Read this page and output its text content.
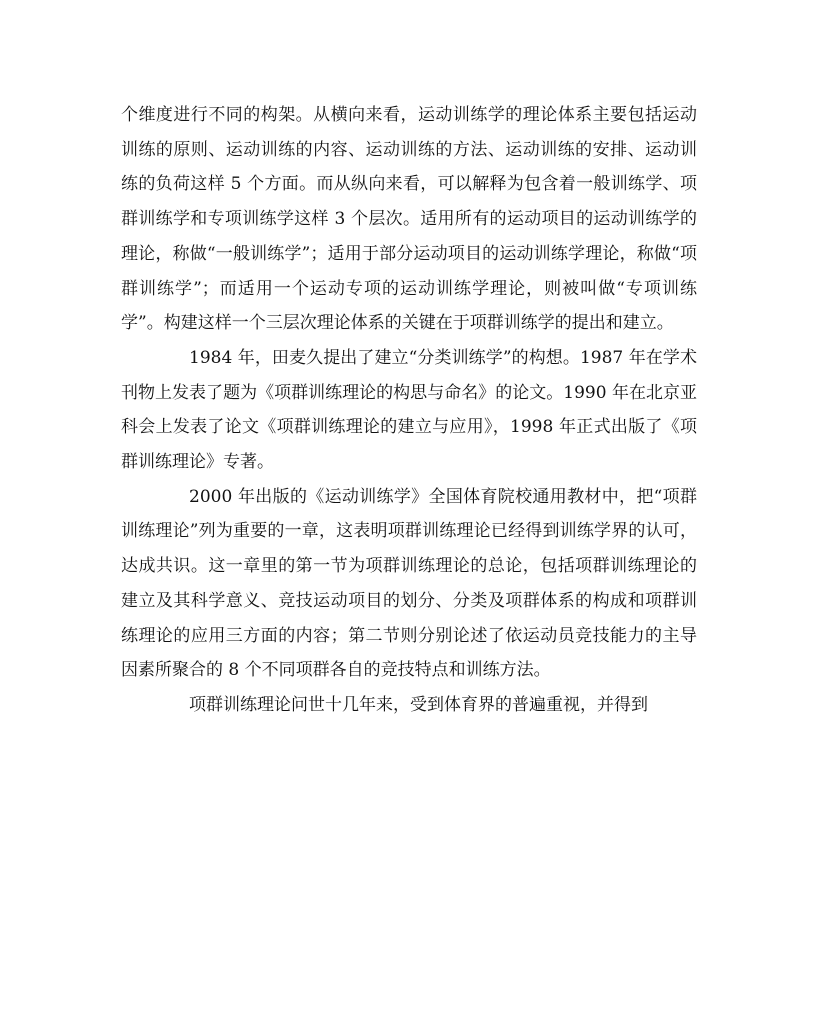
个维度进行不同的构架。从横向来看，运动训练学的理论体系主要包括运动训练的原则、运动训练的内容、运动训练的方法、运动训练的安排、运动训练的负荷这样 5 个方面。而从纵向来看，可以解释为包含着一般训练学、项群训练学和专项训练学这样 3 个层次。适用所有的运动项目的运动训练学的理论，称做“一般训练学”；适用于部分运动项目的运动训练学理论，称做“项群训练学”；而适用一个运动专项的运动训练学理论，则被叫做“专项训练学”。构建这样一个三层次理论体系的关键在于项群训练学的提出和建立。

1984 年，田麦久提出了建立“分类训练学”的构想。1987 年在学术刊物上发表了题为《项群训练理论的构思与命名》的论文。1990 年在北京亚科会上发表了论文《项群训练理论的建立与应用》，1998 年正式出版了《项群训练理论》专著。

2000 年出版的《运动训练学》全国体育院校通用教材中，把“项群训练理论”列为重要的一章，这表明项群训练理论已经得到训练学界的认可，达成共识。这一章里的第一节为项群训练理论的总论，包括项群训练理论的建立及其科学意义、竞技运动项目的划分、分类及项群体系的构成和项群训练理论的应用三方面的内容；第二节则分别论述了依运动员竞技能力的主导因素所聚合的 8 个不同项群各自的竞技特点和训练方法。

项群训练理论问世十几年来，受到体育界的普遍重视，并得到
